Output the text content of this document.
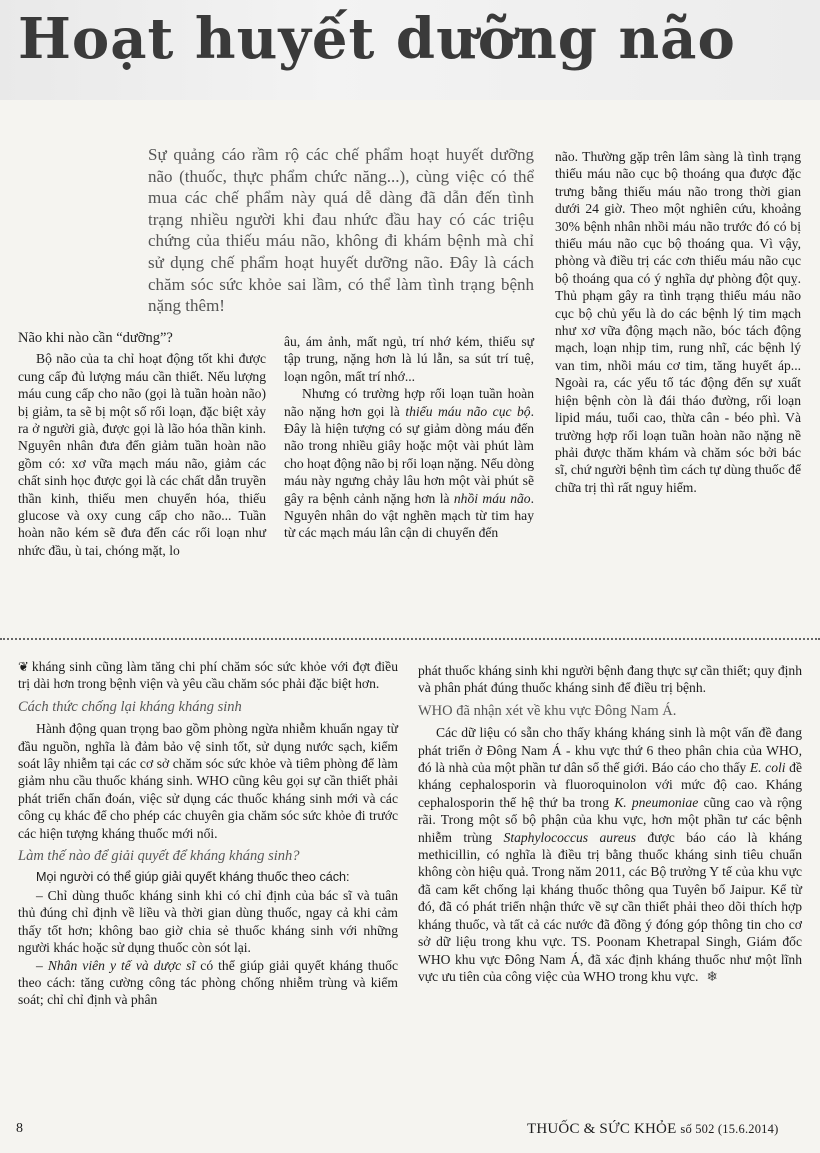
Hoạt huyết dưỡng não

Sự quảng cáo rầm rộ các chế phẩm hoạt huyết dưỡng não (thuốc, thực phẩm chức năng...), cùng việc có thể mua các chế phẩm này quá dễ dàng đã dẫn đến tình trạng nhiều người khi đau nhức đầu hay có các triệu chứng của thiếu máu não, không đi khám bệnh mà chỉ sử dụng chế phẩm hoạt huyết dưỡng não. Đây là cách chăm sóc sức khỏe sai lầm, có thể làm tình trạng bệnh nặng thêm!

Não khi nào cần “dưỡng”?

Bộ não của ta chỉ hoạt động tốt khi được cung cấp đủ lượng máu cần thiết. Nếu lượng máu cung cấp cho não (gọi là tuần hoàn não) bị giảm, ta sẽ bị một số rối loạn, đặc biệt xảy ra ở người già, được gọi là lão hóa thần kinh. Nguyên nhân đưa đến giảm tuần hoàn não gồm có: xơ vữa mạch máu não, giảm các chất sinh học được gọi là các chất dẫn truyền thần kinh, thiếu men chuyển hóa, thiếu glucose và oxy cung cấp cho não... Tuần hoàn não kém sẽ đưa đến các rối loạn như nhức đầu, ù tai, chóng mặt, lo

âu, ám ảnh, mất ngủ, trí nhớ kém, thiếu sự tập trung, nặng hơn là lú lẫn, sa sút trí tuệ, loạn ngôn, mất trí nhớ...

Nhưng có trường hợp rối loạn tuần hoàn não nặng hơn gọi là thiếu máu não cục bộ. Đây là hiện tượng có sự giảm dòng máu đến não trong nhiều giây hoặc một vài phút làm cho hoạt động não bị rối loạn nặng. Nếu dòng máu này ngưng chảy lâu hơn một vài phút sẽ gây ra bệnh cảnh nặng hơn là nhồi máu não. Nguyên nhân do vật nghẽn mạch từ tim hay từ các mạch máu lân cận di chuyển đến

não. Thường gặp trên lâm sàng là tình trạng thiếu máu não cục bộ thoáng qua được đặc trưng bằng thiếu máu não trong thời gian dưới 24 giờ. Theo một nghiên cứu, khoảng 30% bệnh nhân nhồi máu não trước đó có bị thiếu máu não cục bộ thoáng qua. Vì vậy, phòng và điều trị các cơn thiếu máu não cục bộ thoáng qua có ý nghĩa dự phòng đột quỵ. Thủ phạm gây ra tình trạng thiếu máu não cục bộ chủ yếu là do các bệnh lý tim mạch như xơ vữa động mạch não, bóc tách động mạch, loạn nhịp tim, rung nhĩ, các bệnh lý van tim, nhồi máu cơ tim, tăng huyết áp... Ngoài ra, các yếu tố tác động đến sự xuất hiện bệnh còn là đái tháo đường, rối loạn lipid máu, tuổi cao, thừa cân - béo phì. Và trường hợp rối loạn tuần hoàn não nặng nề phải được thăm khám và chăm sóc bởi bác sĩ, chứ người bệnh tìm cách tự dùng thuốc để chữa trị thì rất nguy hiểm.

❦ kháng sinh cũng làm tăng chi phí chăm sóc sức khỏe với đợt điều trị dài hơn trong bệnh viện và yêu cầu chăm sóc phải đặc biệt hơn.

Cách thức chống lại kháng kháng sinh

Hành động quan trọng bao gồm phòng ngừa nhiễm khuẩn ngay từ đầu nguồn, nghĩa là đảm bảo vệ sinh tốt, sử dụng nước sạch, kiểm soát lây nhiễm tại các cơ sở chăm sóc sức khỏe và tiêm phòng để làm giảm nhu cầu thuốc kháng sinh. WHO cũng kêu gọi sự cần thiết phải phát triển chẩn đoán, việc sử dụng các thuốc kháng sinh mới và các công cụ khác để cho phép các chuyên gia chăm sóc sức khỏe đi trước các hiện tượng kháng thuốc mới nổi.

Làm thế nào để giải quyết để kháng kháng sinh?

Mọi người có thể giúp giải quyết kháng thuốc theo cách:

– Chỉ dùng thuốc kháng sinh khi có chỉ định của bác sĩ và tuân thủ đúng chỉ định về liều và thời gian dùng thuốc, ngay cả khi cảm thấy tốt hơn; không bao giờ chia sẻ thuốc kháng sinh với những người khác hoặc sử dụng thuốc còn sót lại.

– Nhân viên y tế và dược sĩ có thể giúp giải quyết kháng thuốc theo cách: tăng cường công tác phòng chống nhiễm trùng và kiểm soát; chỉ chỉ định và phân

phát thuốc kháng sinh khi người bệnh đang thực sự cần thiết; quy định và phân phát đúng thuốc kháng sinh để điều trị bệnh.

WHO đã nhận xét về khu vực Đông Nam Á.

Các dữ liệu có sẵn cho thấy kháng kháng sinh là một vấn đề đang phát triển ở Đông Nam Á - khu vực thứ 6 theo phân chia của WHO, đó là nhà của một phần tư dân số thế giới. Báo cáo cho thấy E. coli đề kháng cephalosporin và fluoroquinolon với mức độ cao. Kháng cephalosporin thế hệ thứ ba trong K. pneumoniae cũng cao và rộng rãi. Trong một số bộ phận của khu vực, hơn một phần tư các bệnh nhiễm trùng Staphylococcus aureus được báo cáo là kháng methicillin, có nghĩa là điều trị bằng thuốc kháng sinh tiêu chuẩn không còn hiệu quả. Trong năm 2011, các Bộ trưởng Y tế của khu vực đã cam kết chống lại kháng thuốc thông qua Tuyên bố Jaipur. Kể từ đó, đã có phát triển nhận thức về sự cần thiết phải theo dõi thích hợp kháng thuốc, và tất cả các nước đã đồng ý đóng góp thông tin cho cơ sở dữ liệu trong khu vực. TS. Poonam Khetrapal Singh, Giám đốc WHO khu vực Đông Nam Á, đã xác định kháng thuốc như một lĩnh vực ưu tiên của công việc của WHO trong khu vực. ❄

8	THUỐC & SỨC KHỎE số 502 (15.6.2014)
